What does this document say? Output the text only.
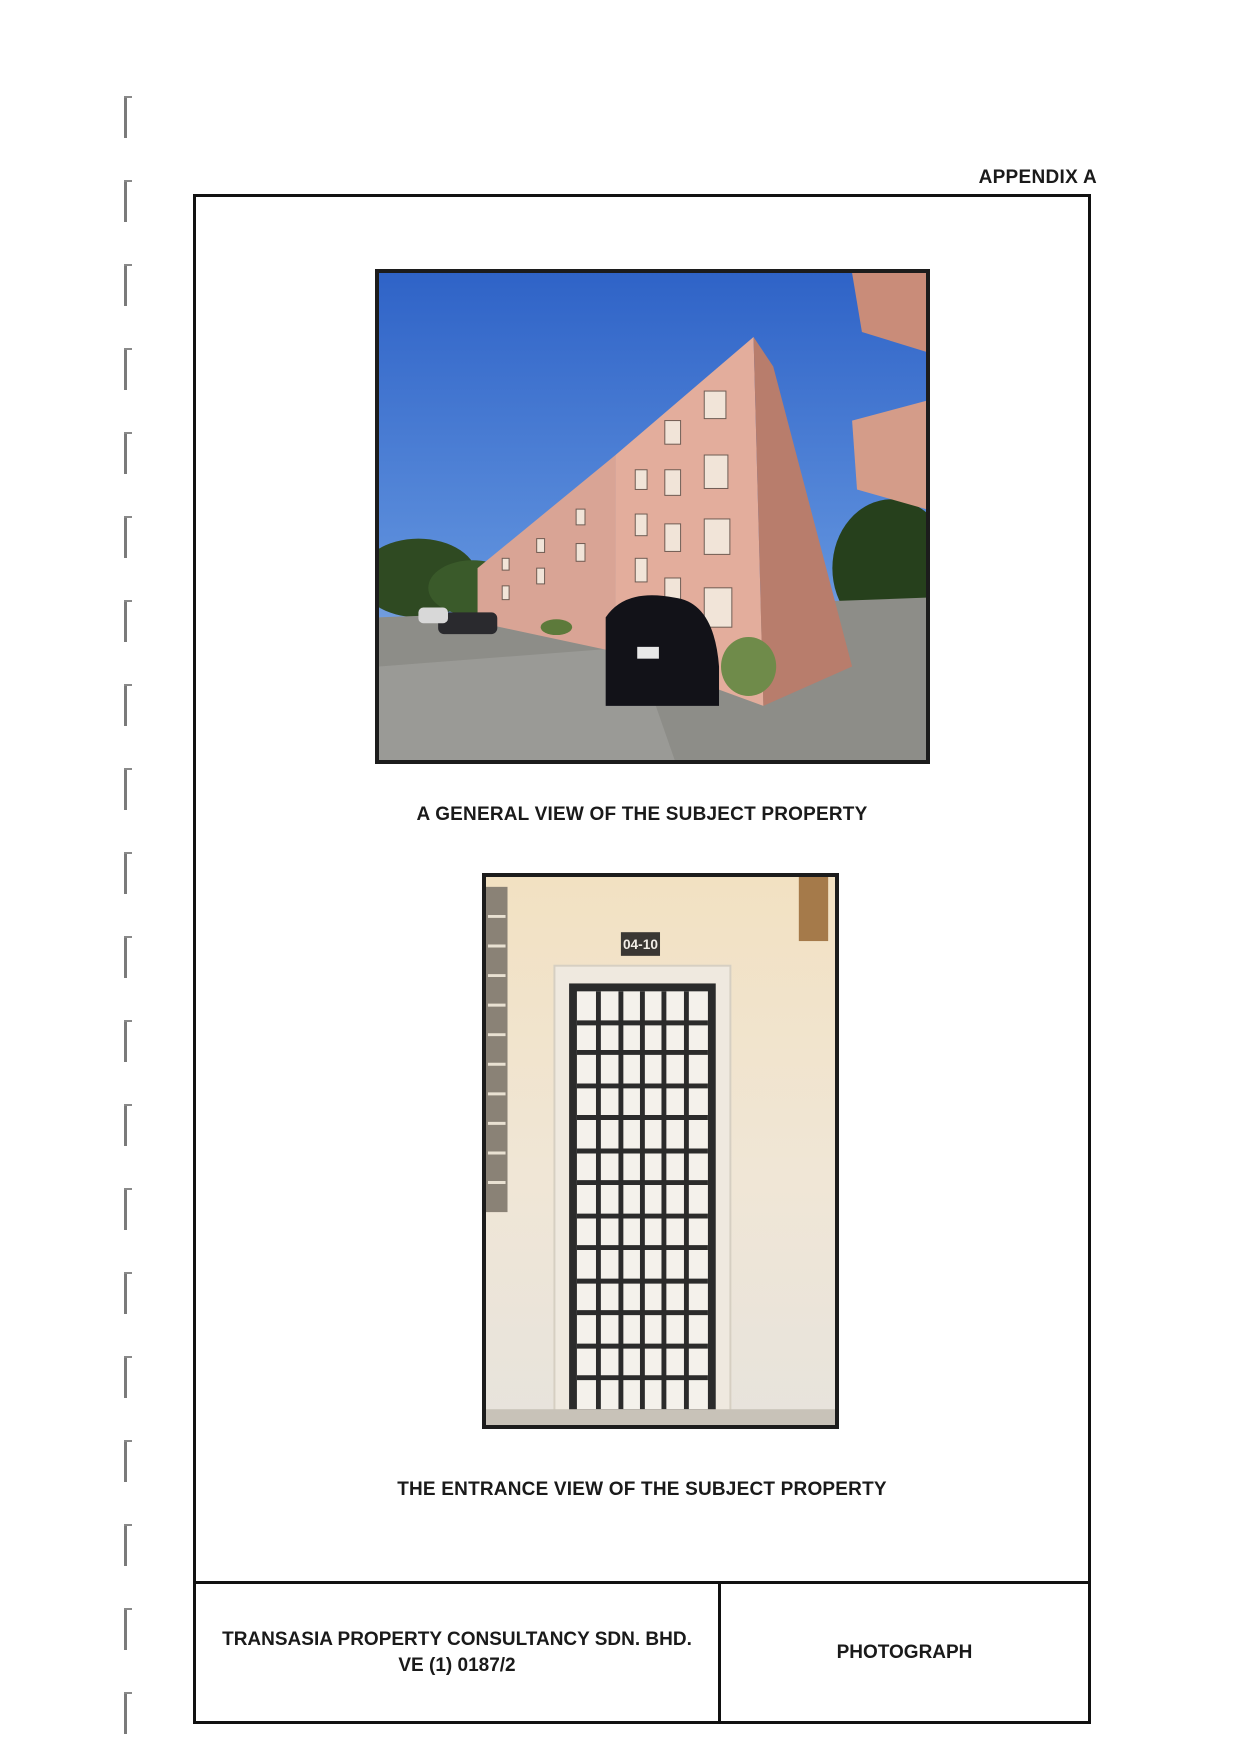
APPENDIX A
A GENERAL VIEW OF THE SUBJECT PROPERTY
04-10
THE ENTRANCE VIEW OF THE SUBJECT PROPERTY
TRANSASIA PROPERTY CONSULTANCY SDN. BHD.
VE (1) 0187/2
PHOTOGRAPH
